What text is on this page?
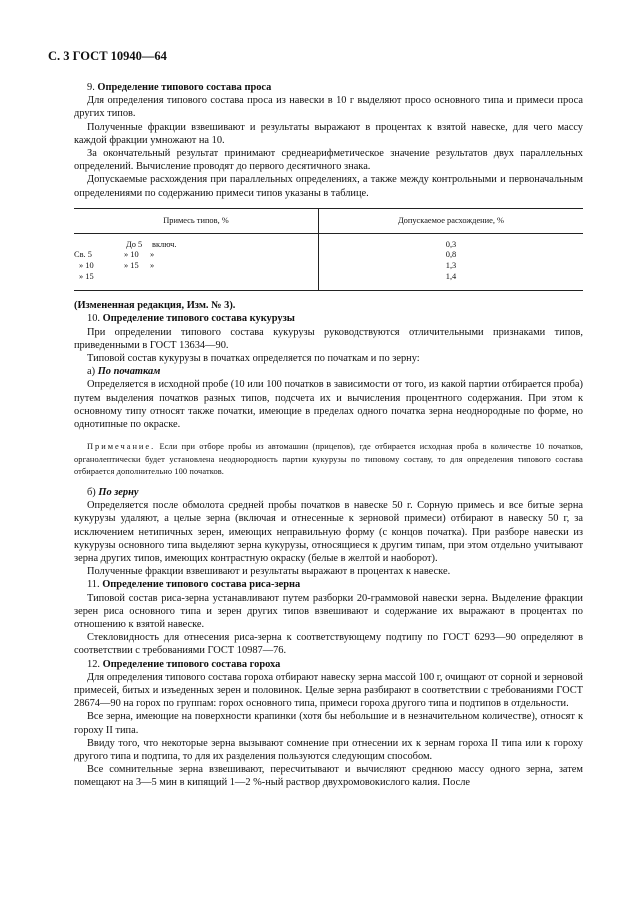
С. 3 ГОСТ 10940—64

9. Определение типового состава проса

Для определения типового состава проса из навески в 10 г выделяют просо основного типа и примеси проса других типов.

Полученные фракции взвешивают и результаты выражают в процентах к взятой навеске, для чего массу каждой фракции умножают на 10.

За окончательный результат принимают среднеарифметическое значение результатов двух параллельных определений. Вычисление проводят до первого десятичного знака.

Допускаемые расхождения при параллельных определениях, а также между контрольными и первоначальным определениями по содержанию примеси типов указаны в таблице.

Примесь типов, %	Допускаемое расхождение, %
До 5 включ.	0,3
Св. 5 » 10 »	0,8
» 10 » 15 »	1,3
» 15	1,4

(Измененная редакция, Изм. № 3).

10. Определение типового состава кукурузы

При определении типового состава кукурузы руководствуются отличительными признаками типов, приведенными в ГОСТ 13634—90.

Типовой состав кукурузы в початках определяется по початкам и по зерну:

а) По початкам

Определяется в исходной пробе (10 или 100 початков в зависимости от того, из какой партии отбирается проба) путем выделения початков разных типов, подсчета их и вычисления процентного содержания. При этом к основному типу относят также початки, имеющие в пределах одного початка зерна неоднородные по форме, но однотипные по окраске.

Примечание. Если при отборе пробы из автомашин (прицепов), где отбирается исходная проба в количестве 10 початков, органолептически будет установлена неоднородность партии кукурузы по типовому составу, то для определения типового состава отбирается дополнительно 100 початков.

б) По зерну

Определяется после обмолота средней пробы початков в навеске 50 г. Сорную примесь и все битые зерна кукурузы удаляют, а целые зерна (включая и отнесенные к зерновой примеси) отбирают в навеску 50 г, за исключением нетипичных зерен, имеющих неправильную форму (с концов початка). При разборе навески из кукурузы основного типа выделяют зерна кукурузы, относящиеся к другим типам, при этом отдельно учитывают зерна других типов, имеющих контрастную окраску (белые в желтой и наоборот).

Полученные фракции взвешивают и результаты выражают в процентах к навеске.

11. Определение типового состава риса-зерна

Типовой состав риса-зерна устанавливают путем разборки 20-граммовой навески зерна. Выделение фракции зерен риса основного типа и зерен других типов взвешивают и содержание их выражают в процентах по отношению к взятой навеске.

Стекловидность для отнесения риса-зерна к соответствующему подтипу по ГОСТ 6293—90 определяют в соответствии с требованиями ГОСТ 10987—76.

12. Определение типового состава гороха

Для определения типового состава гороха отбирают навеску зерна массой 100 г, очищают от сорной и зерновой примесей, битых и изъеденных зерен и половинок. Целые зерна разбирают в соответствии с требованиями ГОСТ 28674—90 на горох по группам: горох основного типа, примеси гороха другого типа и подтипов в отдельности.

Все зерна, имеющие на поверхности крапинки (хотя бы небольшие и в незначительном количестве), относят к гороху II типа.

Ввиду того, что некоторые зерна вызывают сомнение при отнесении их к зернам гороха II типа или к гороху другого типа и подтипа, то для их разделения пользуются следующим способом.

Все сомнительные зерна взвешивают, пересчитывают и вычисляют среднюю массу одного зерна, затем помещают на 3—5 мин в кипящий 1—2 %-ный раствор двухромовокислого калия. После
